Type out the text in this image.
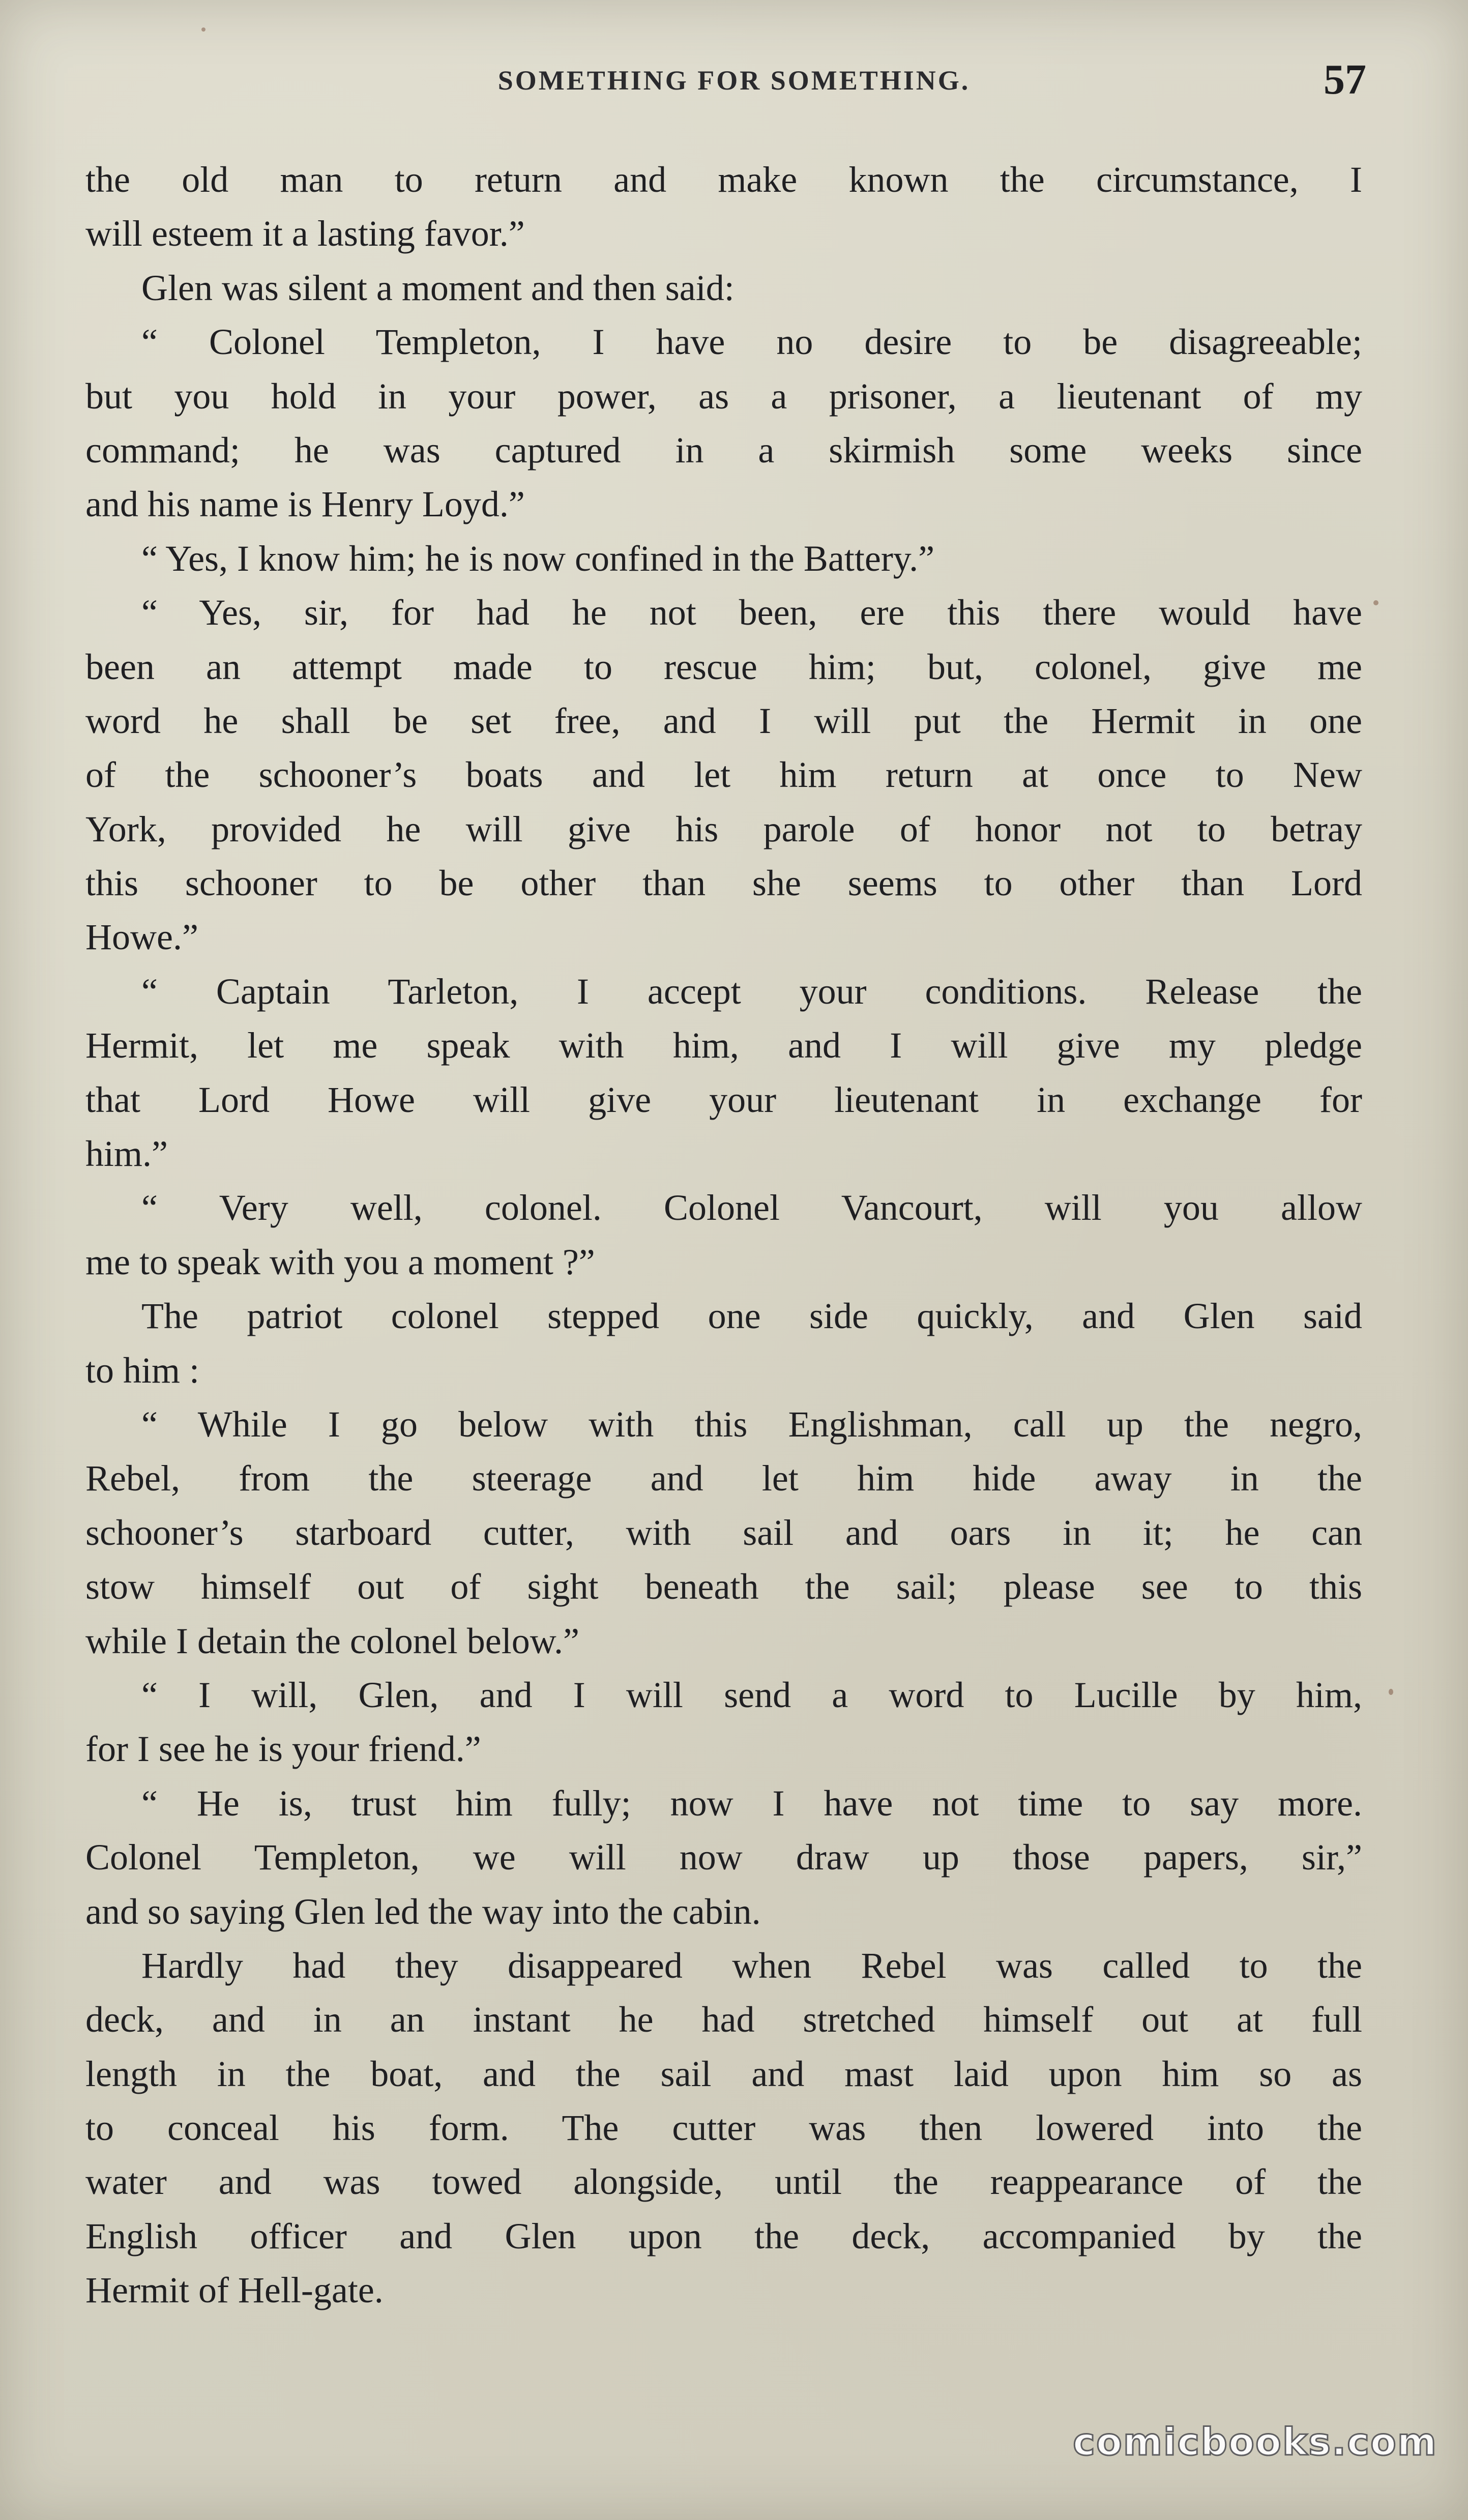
SOMETHING FOR SOMETHING.	57
the old man to return and make known the circumstance, I
will esteem it a lasting favor.”
Glen was silent a moment and then said:
“ Colonel Templeton, I have no desire to be disagreeable;
but you hold in your power, as a prisoner, a lieutenant of my
command; he was captured in a skirmish some weeks since
and his name is Henry Loyd.”
“ Yes, I know him; he is now confined in the Battery.”
“ Yes, sir, for had he not been, ere this there would have
been an attempt made to rescue him; but, colonel, give me
word he shall be set free, and I will put the Hermit in one
of the schooner’s boats and let him return at once to New
York, provided he will give his parole of honor not to betray
this schooner to be other than she seems to other than Lord
Howe.”
“ Captain Tarleton, I accept your conditions. Release the
Hermit, let me speak with him, and I will give my pledge
that Lord Howe will give your lieutenant in exchange for
him.”
“ Very well, colonel. Colonel Vancourt, will you allow
me to speak with you a moment ?”
The patriot colonel stepped one side quickly, and Glen said
to him :
“ While I go below with this Englishman, call up the negro,
Rebel, from the steerage and let him hide away in the
schooner’s starboard cutter, with sail and oars in it; he can
stow himself out of sight beneath the sail; please see to this
while I detain the colonel below.”
“ I will, Glen, and I will send a word to Lucille by him,
for I see he is your friend.”
“ He is, trust him fully; now I have not time to say more.
Colonel Templeton, we will now draw up those papers, sir,”
and so saying Glen led the way into the cabin.
Hardly had they disappeared when Rebel was called to the
deck, and in an instant he had stretched himself out at full
length in the boat, and the sail and mast laid upon him so as
to conceal his form. The cutter was then lowered into the
water and was towed alongside, until the reappearance of the
English officer and Glen upon the deck, accompanied by the
Hermit of Hell-gate.
comicbooks.com
